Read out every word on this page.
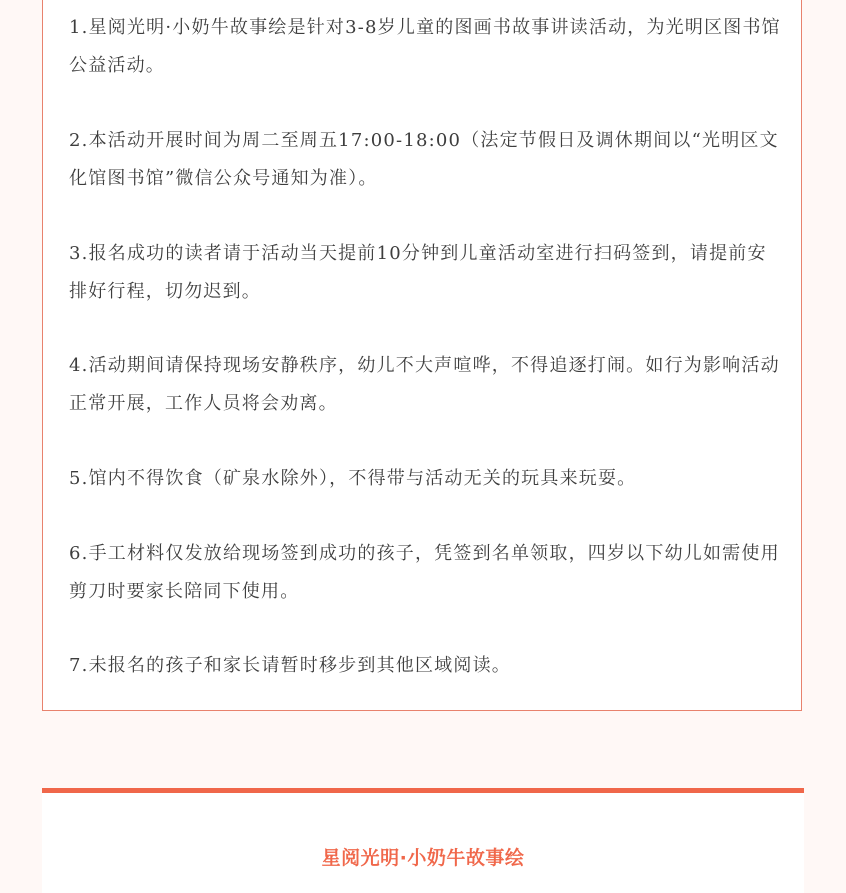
1.星阅光明·小奶牛故事绘是针对3-8岁儿童的图画书故事讲读活动，为光明区图书馆公益活动。
2.本活动开展时间为周二至周五17:00-18:00（法定节假日及调休期间以“光明区文化馆图书馆”微信公众号通知为准）。
3.报名成功的读者请于活动当天提前10分钟到儿童活动室进行扫码签到，请提前安排好行程，切勿迟到。
4.活动期间请保持现场安静秩序，幼儿不大声喧哗，不得追逐打闹。如行为影响活动正常开展，工作人员将会劝离。
5.馆内不得饮食（矿泉水除外），不得带与活动无关的玩具来玩耍。
6.手工材料仅发放给现场签到成功的孩子，凭签到名单领取，四岁以下幼儿如需使用剪刀时要家长陪同下使用。
7.未报名的孩子和家长请暂时移步到其他区域阅读。
星阅光明·小奶牛故事绘
